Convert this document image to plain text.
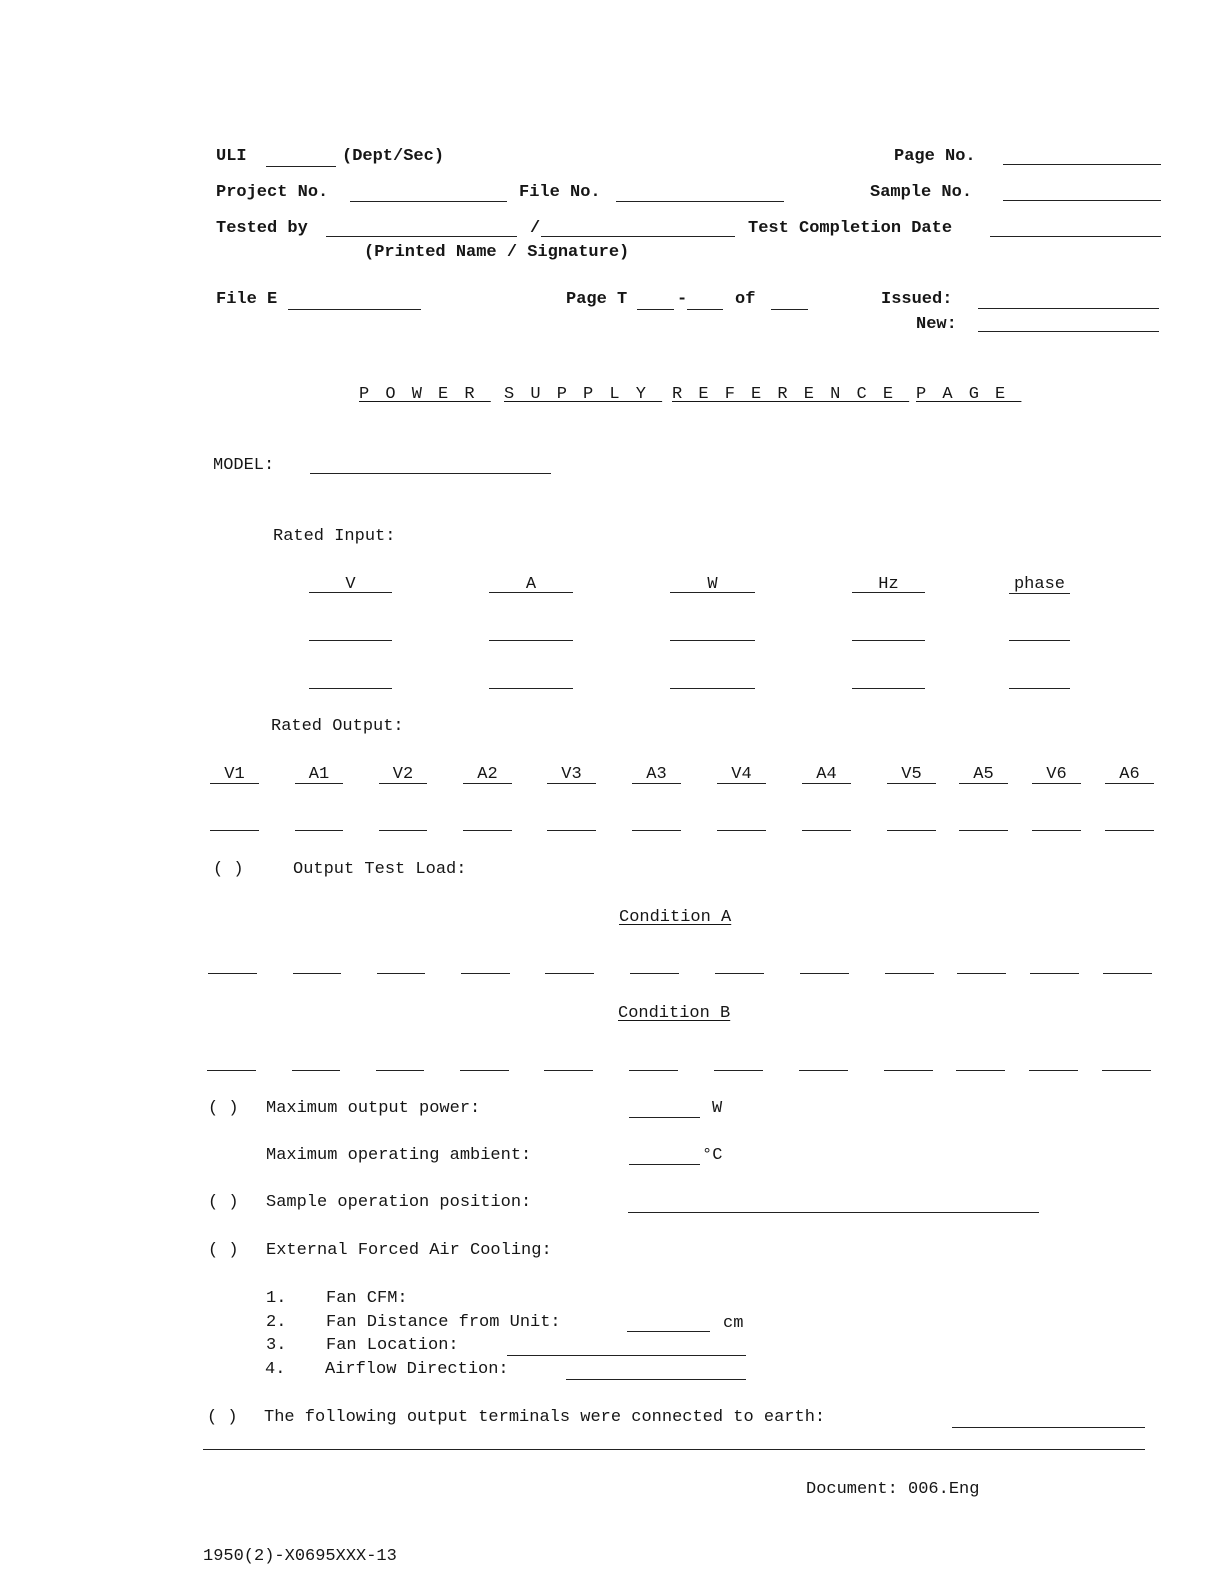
ULI	(Dept/Sec)	Page No.
Project No.	File No.	Sample No.
Tested by	/	Test Completion Date
(Printed Name / Signature)
File E	Page T	-	of	Issued:
New:
POWER SUPPLY REFERENCE PAGE
MODEL:
Rated Input:
V	A	W	Hz	phase
Rated Output:
V1	A1	V2	A2	V3	A3	V4	A4	V5	A5	V6	A6
( )	Output Test Load:
Condition A
Condition B
( ) Maximum output power:	W
Maximum operating ambient:	°C
( ) Sample operation position:
( ) External Forced Air Cooling:
1. Fan CFM:
2. Fan Distance from Unit:	cm
3. Fan Location:
4. Airflow Direction:
( ) The following output terminals were connected to earth:
Document: 006.Eng
1950(2)-X0695XXX-13
